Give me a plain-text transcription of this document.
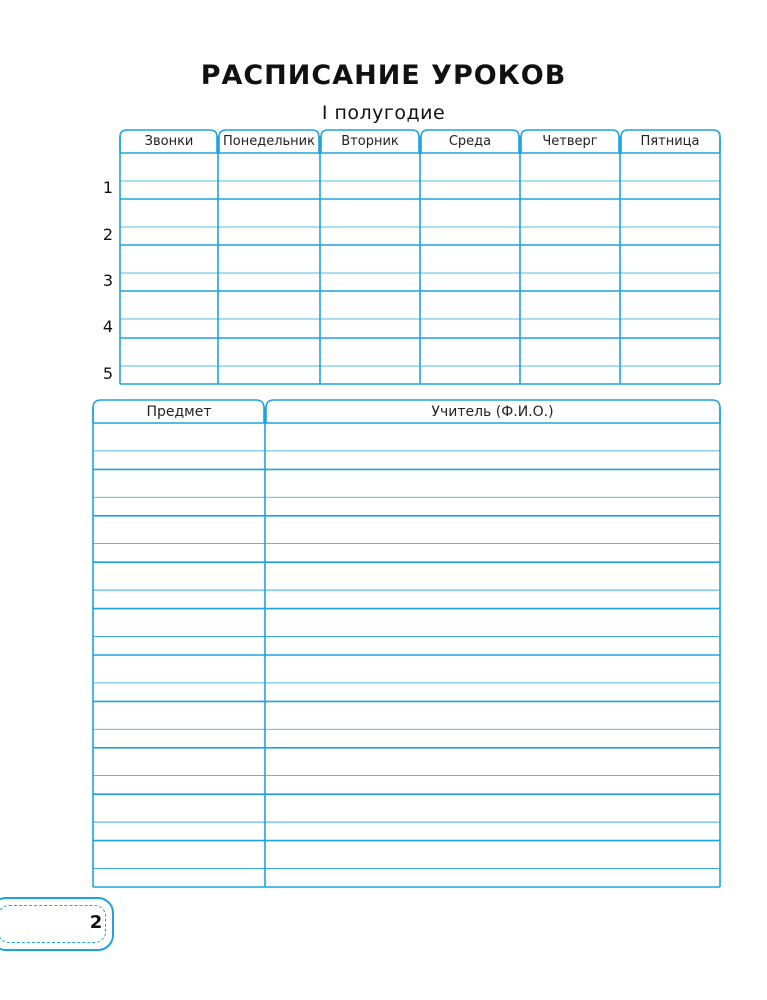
РАСПИСАНИЕ УРОКОВ
I полугодие
Звонки	Понедельник	Вторник	Среда	Четверг	Пятница
1
2
3
4
5
Предмет	Учитель (Ф.И.О.)
2
